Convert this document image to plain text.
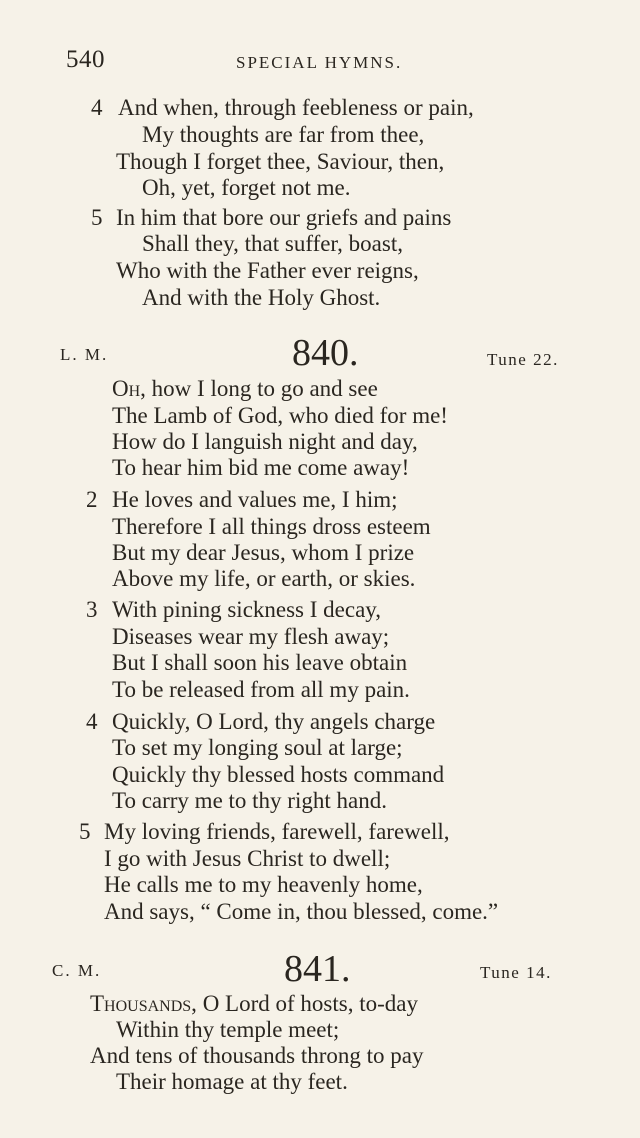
540	SPECIAL HYMNS.
4 And when, through feebleness or pain,
My thoughts are far from thee,
Though I forget thee, Saviour, then,
Oh, yet, forget not me.
5 In him that bore our griefs and pains
Shall they, that suffer, boast,
Who with the Father ever reigns,
And with the Holy Ghost.
L. M.	840.	Tune 22.
Oh, how I long to go and see
The Lamb of God, who died for me!
How do I languish night and day,
To hear him bid me come away!
2 He loves and values me, I him;
Therefore I all things dross esteem
But my dear Jesus, whom I prize
Above my life, or earth, or skies.
3 With pining sickness I decay,
Diseases wear my flesh away;
But I shall soon his leave obtain
To be released from all my pain.
4 Quickly, O Lord, thy angels charge
To set my longing soul at large;
Quickly thy blessed hosts command
To carry me to thy right hand.
5 My loving friends, farewell, farewell,
I go with Jesus Christ to dwell;
He calls me to my heavenly home,
And says, “ Come in, thou blessed, come.”
C. M.	841.	Tune 14.
Thousands, O Lord of hosts, to-day
Within thy temple meet;
And tens of thousands throng to pay
Their homage at thy feet.
